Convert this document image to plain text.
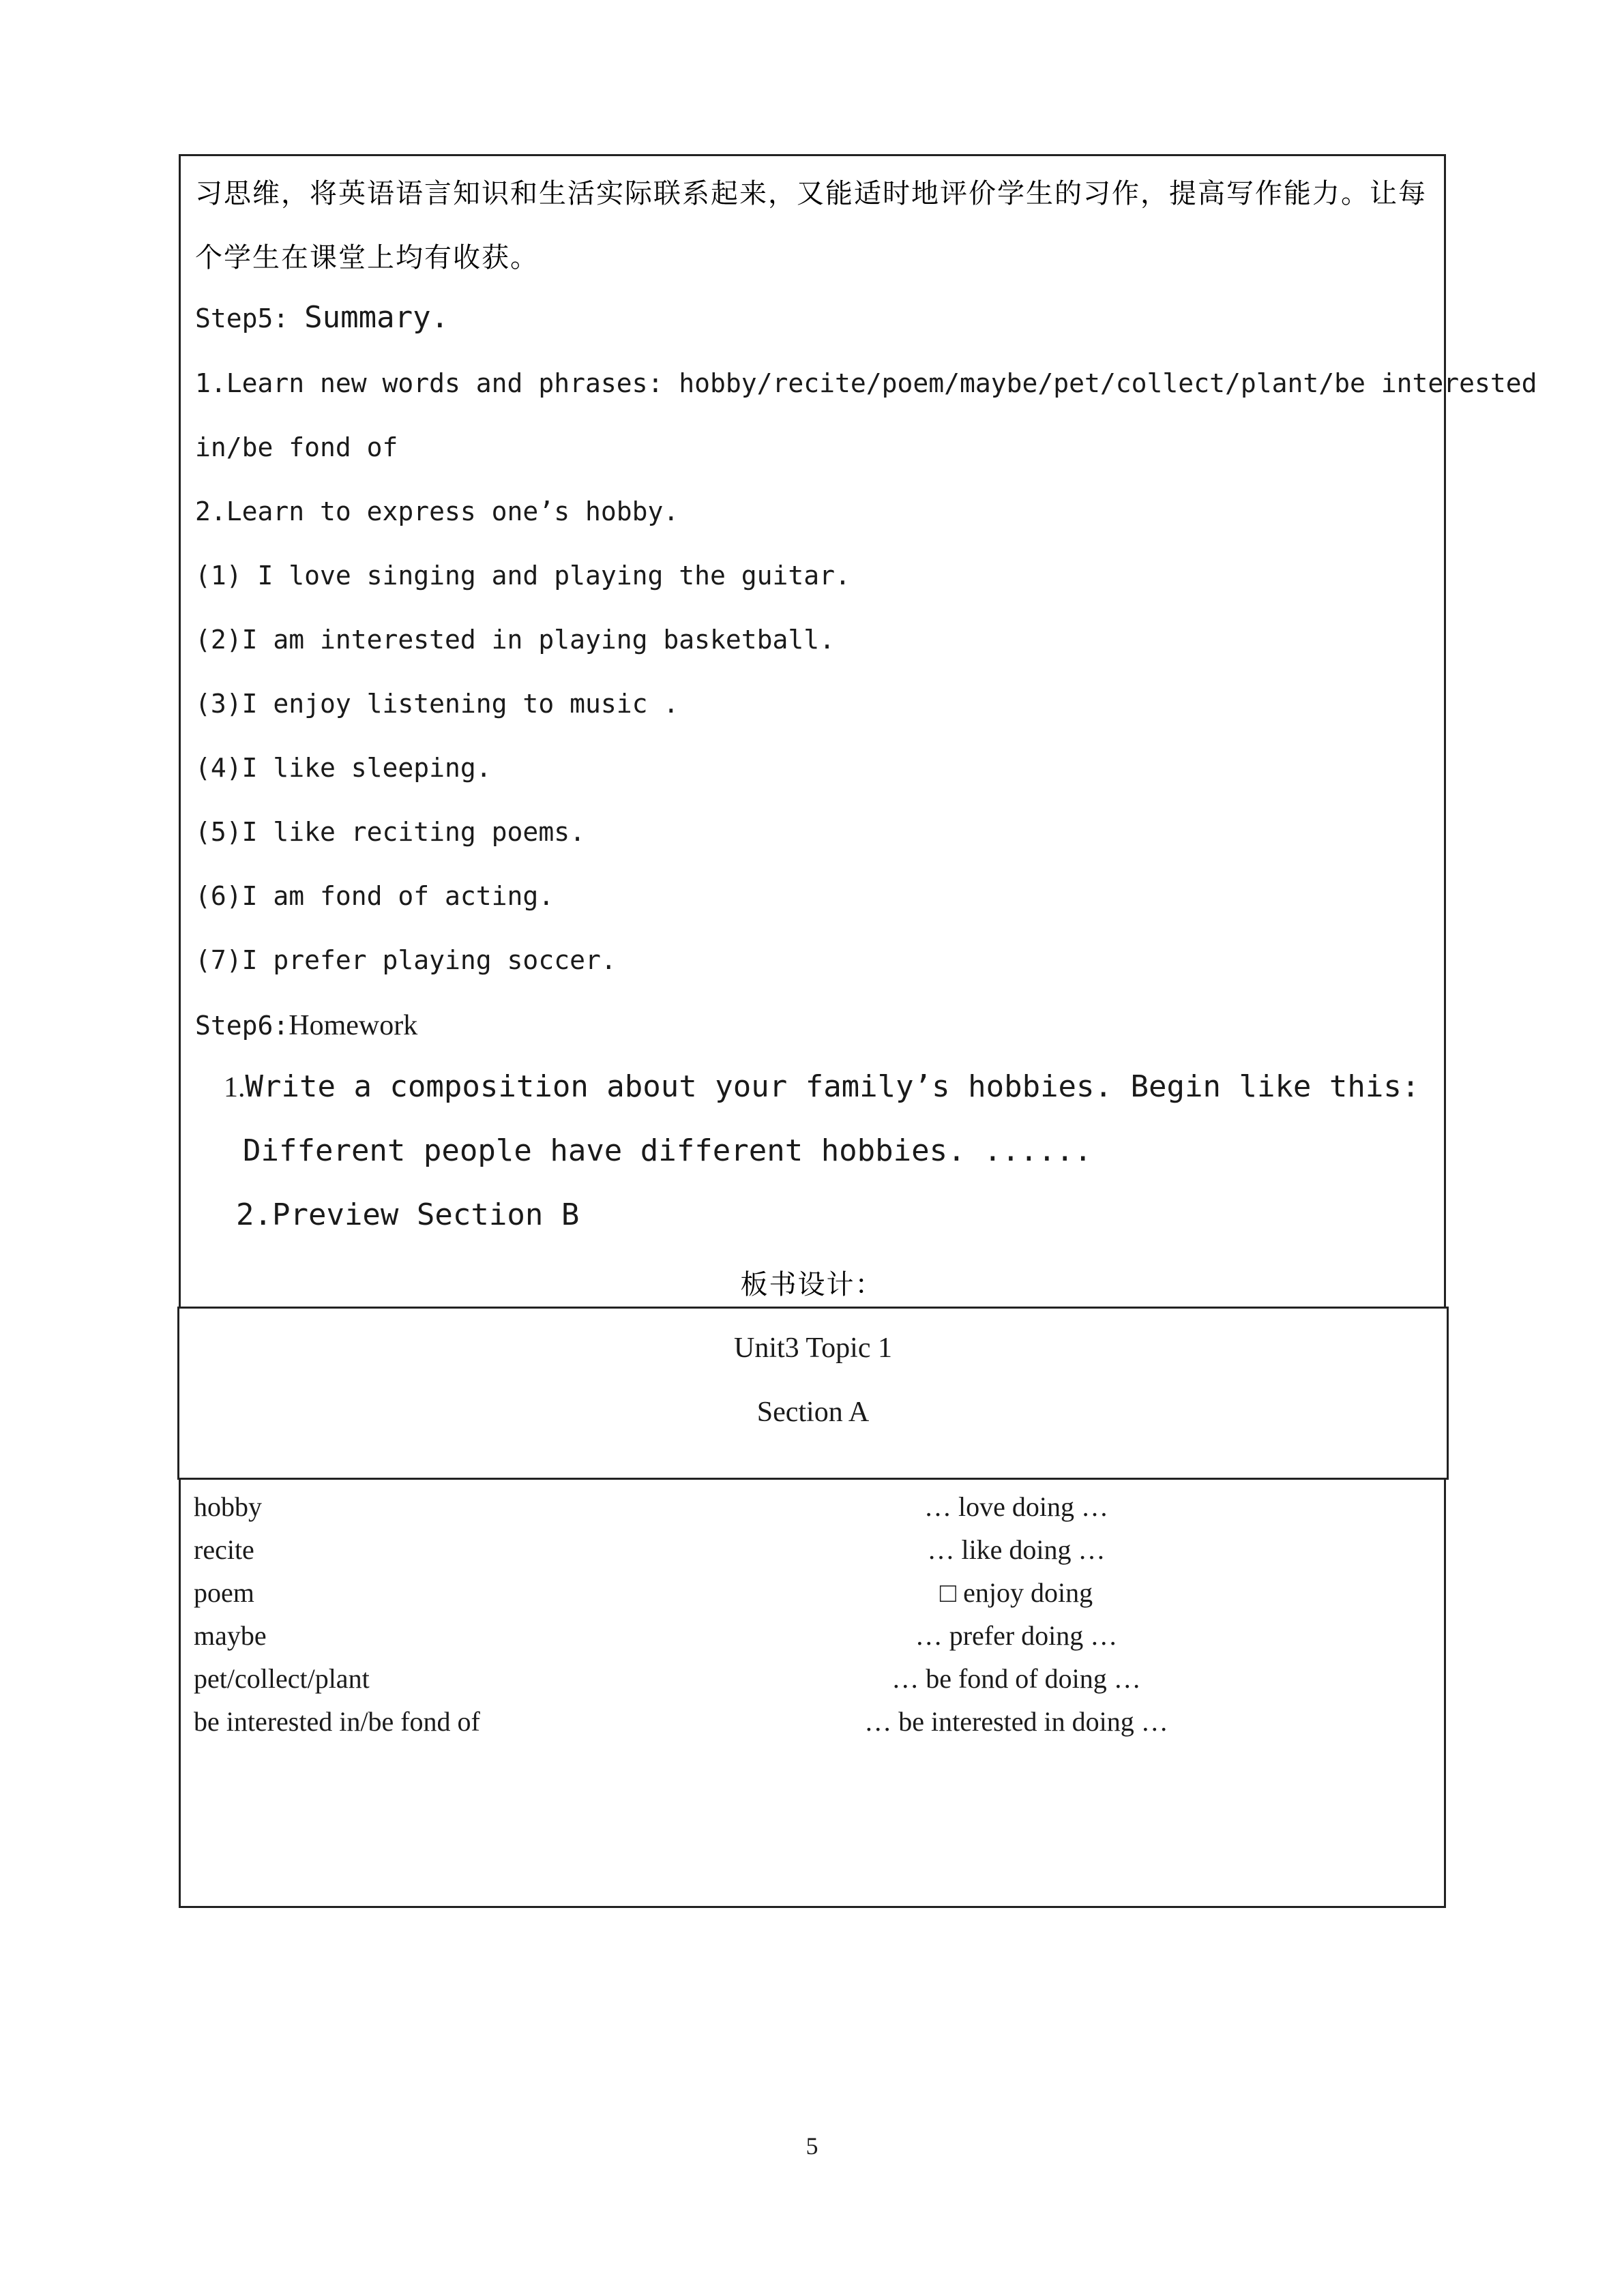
习思维，将英语语言知识和生活实际联系起来，又能适时地评价学生的习作，提高写作能力。让每
个学生在课堂上均有收获。
Step5: Summary.
1.Learn new words and phrases: hobby/recite/poem/maybe/pet/collect/plant/be interested
in/be fond of
2.Learn to express one’s hobby.
(1) I love singing and playing the guitar.
(2)I am interested in playing basketball.
(3)I enjoy listening to music .
(4)I like sleeping.
(5)I like reciting poems.
(6)I am fond of acting.
(7)I prefer playing soccer.
Step6:Homework
1.Write a composition about your family’s hobbies. Begin like this:
Different people have different hobbies. ......
2.Preview Section B
板书设计：
Unit3 Topic 1
Section A
hobby
recite
poem
maybe
pet/collect/plant
be interested in/be fond of
… love doing …
… like doing …
□ enjoy doing
… prefer doing …
… be fond of doing …
… be interested in doing …
5
